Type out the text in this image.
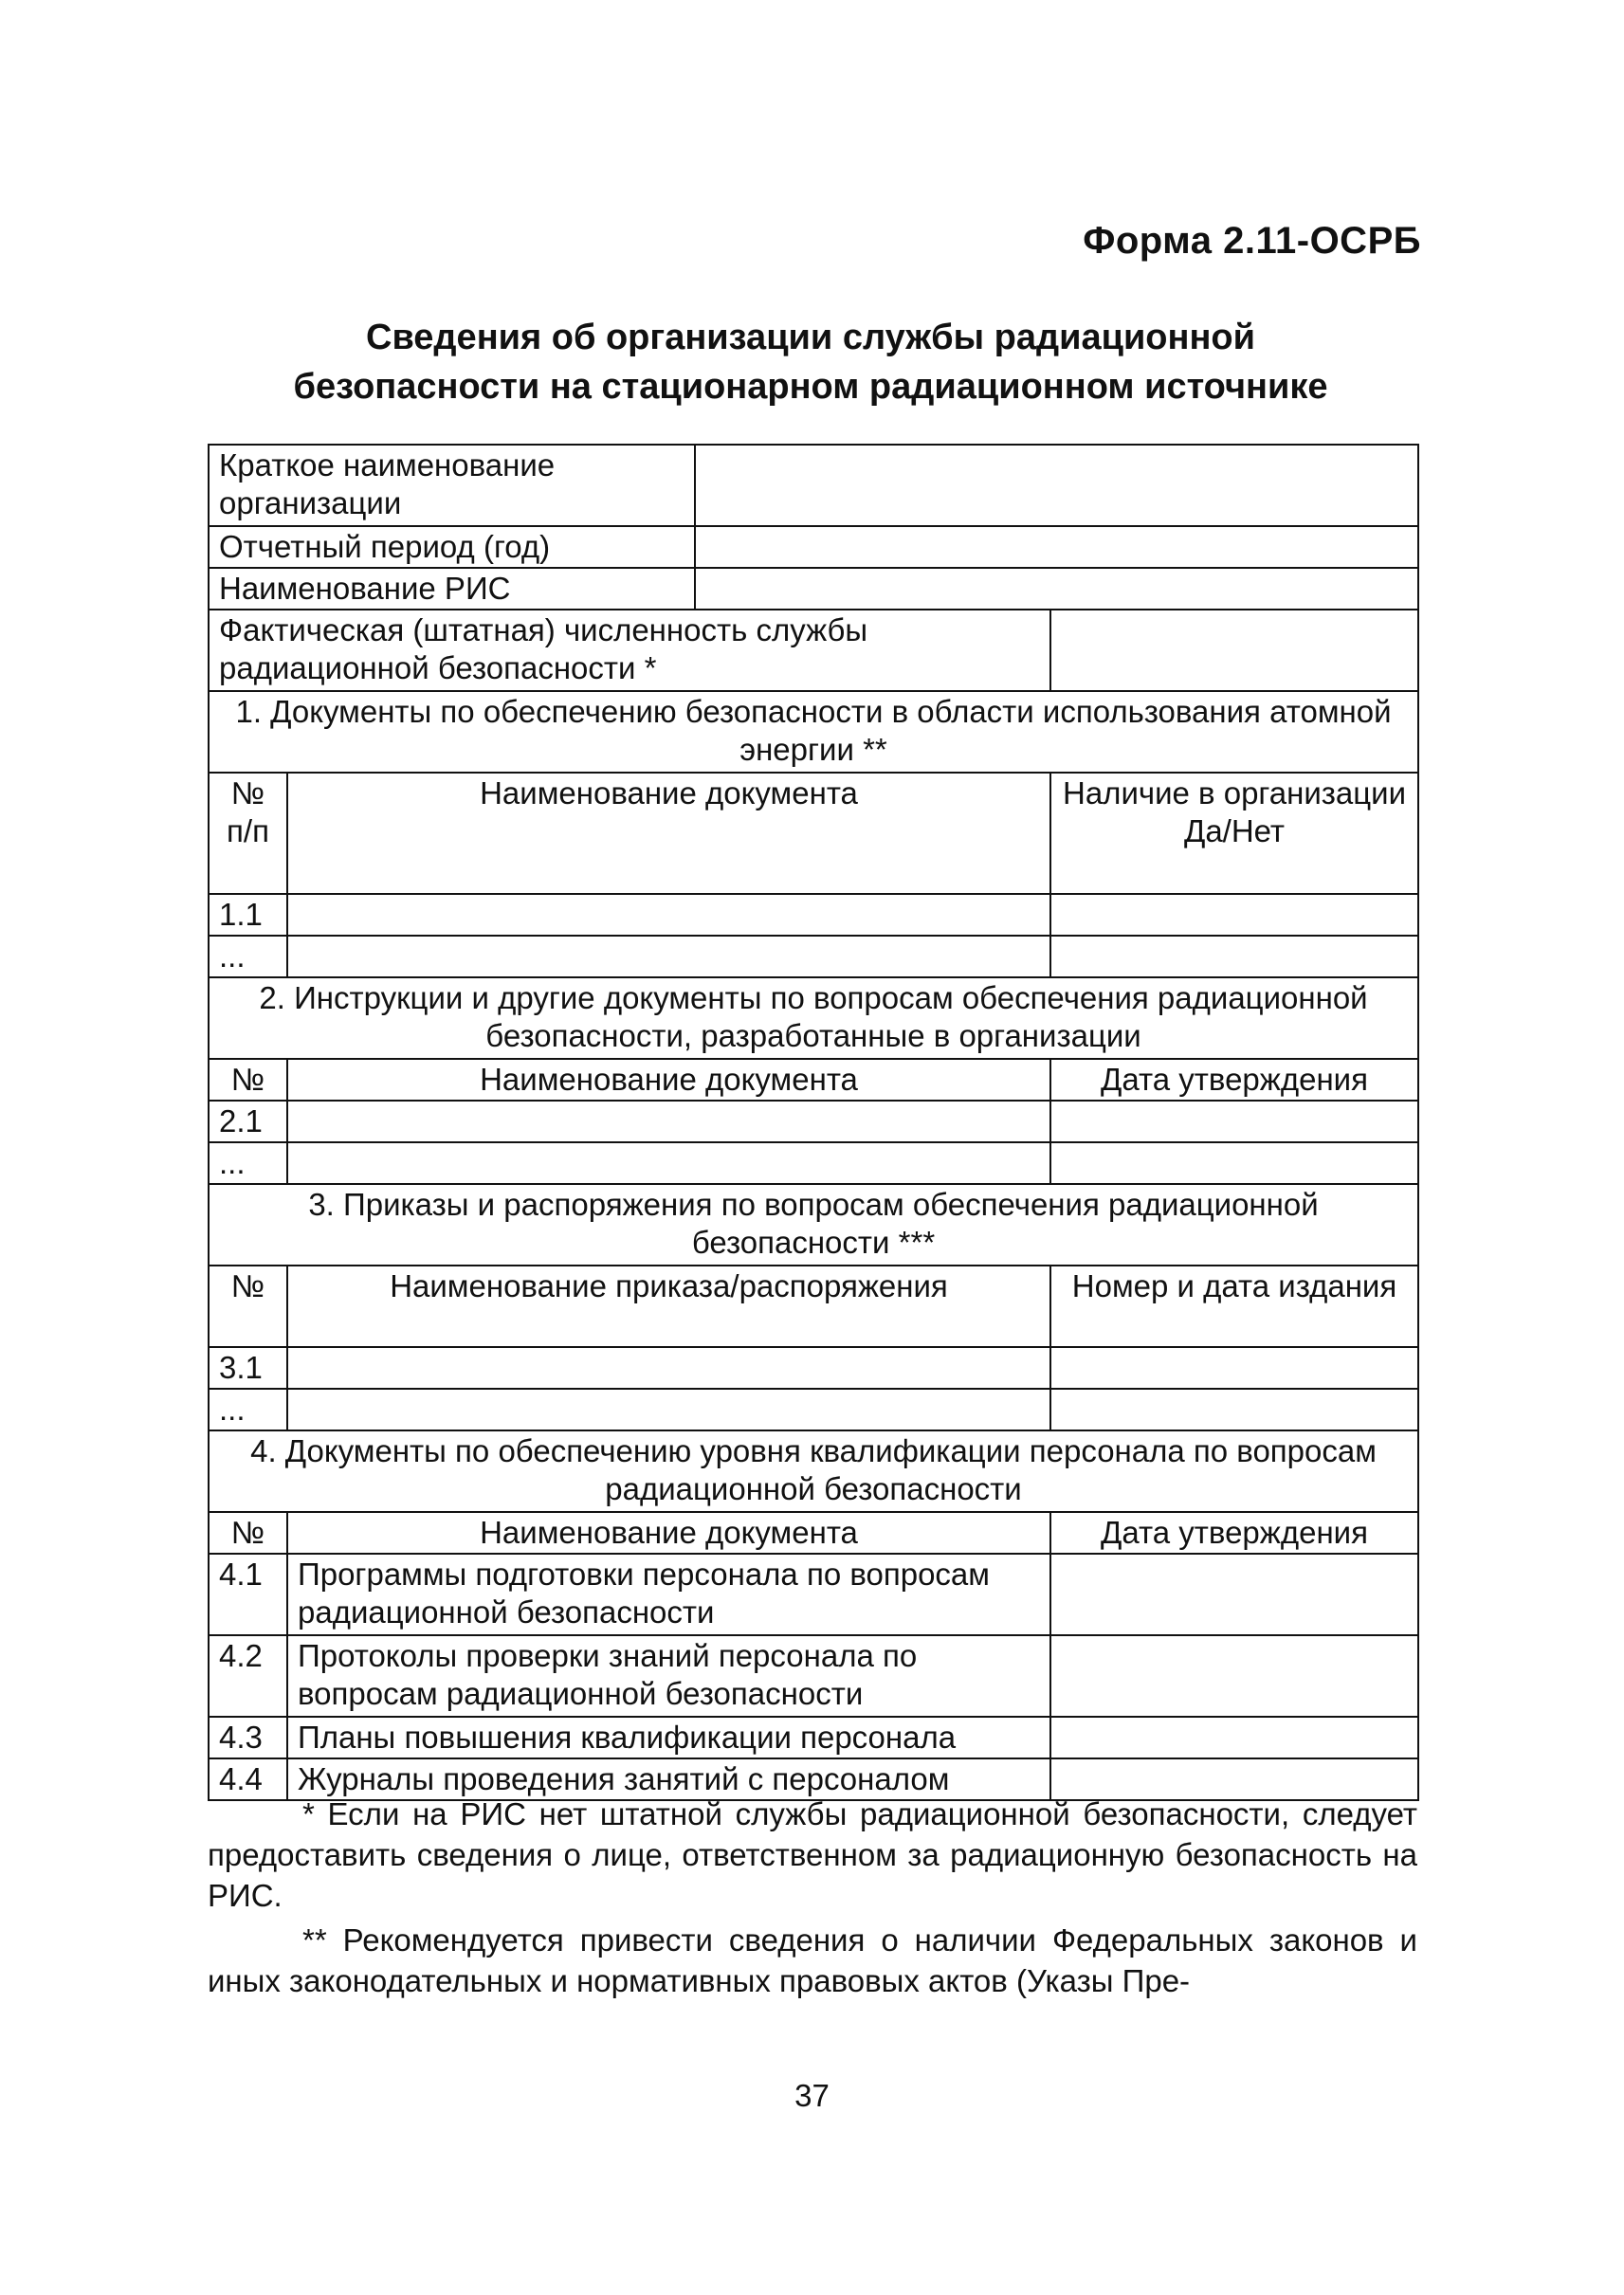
Форма 2.11-ОСРБ
Сведения об организации службы радиационной
безопасности на стационарном радиационном источнике
Краткое наименование организации			
Отчетный период (год)			
Наименование РИС			
Фактическая (штатная) численность службы радиационной безопасности *			
1. Документы по обеспечению безопасности в области использования атомной энергии **			
№ п/п	Наименование документа		Наличие в организации Да/Нет
1.1			
...			
2. Инструкции и другие документы по вопросам обеспечения радиационной безопасности, разработанные в организации			
№	Наименование документа		Дата утверждения
2.1			
...			
3. Приказы и распоряжения по вопросам обеспечения радиационной безопасности ***			
№	Наименование приказа/распоряжения		Номер и дата издания
3.1			
...			
4. Документы по обеспечению уровня квалификации персонала по вопросам радиационной безопасности			
№	Наименование документа		Дата утверждения
4.1	Программы подготовки персонала по вопросам радиационной безопасности		
4.2	Протоколы проверки знаний персонала по вопросам радиационной безопасности		
4.3	Планы повышения квалификации персонала		
4.4	Журналы проведения занятий с персоналом		

* Если на РИС нет штатной службы радиационной безопасности, следует предоставить сведения о лице, ответственном за радиационную безопасность на РИС.

** Рекомендуется привести сведения о наличии Федеральных законов и иных законодательных и нормативных правовых актов (Указы Пре-

37
